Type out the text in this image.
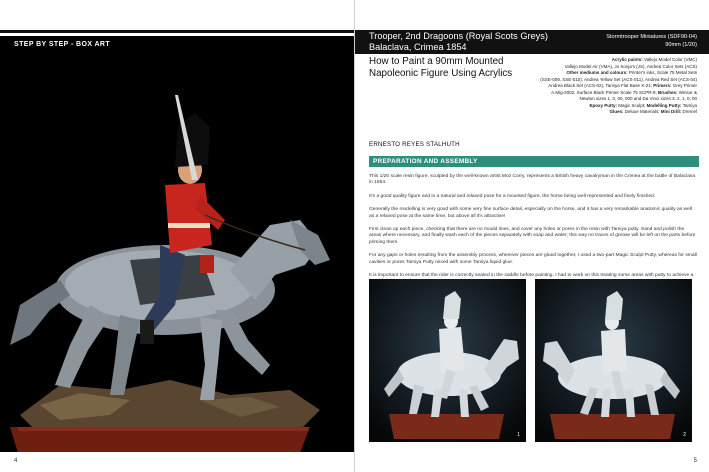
STEP BY STEP - BOX ART
4
Trooper, 2nd Dragoons (Royal Scots Greys)
Balaclava, Crimea 1854
Stormtrooper Miniatures (SDF90-04)
90mm (1/20)
How to Paint a 90mm Mounted Napoleonic Figure Using Acrylics
Acrylic paints: Vallejo Model Color (VMC)
Vallejo Model Air (VMA), Jo Sonja's (JS), Andrea Color Sets (ACS)
Other mediums and colours: Printer's inks, Scale 75 Metal Sets
(SSE-009, SSE-010), Andrea Yellow Set (ACS-011), Andrea Red Set (ACS-04)
Andrea Black Set (ACS-02), Tamiya Flat Base X-21; Primers: Grey Primer
A.Mig-2002, Surface Black Primer Scale 75 SCPR-8; Brushes: Winsor &
Newton sizes 1, 0, 00, 000 and Da Vinci sizes 3, 2, 1, 0, 00
Epoxy Putty: Magic Sculpt; Modelling Putty: Tamiya
Glues: Deluxe Materials; Mini Drill: Dremel
ERNESTO REYES STALHUTH
PREPARATION AND ASSEMBLY

This 1/20 scale resin figure, sculpted by the well-known artist Moz Corry, represents a British heavy cavalryman in the Crimea at the battle of Balaclava in 1854.

It's a good quality figure and in a natural and relaxed pose for a mounted figure, the horse being well represented and finely finished.

Generally the modelling is very good with some very fine surface detail, especially on the horse, and it has a very remarkable anatomic quality as well as a relaxed pose at the same time, but above all it's attractive!

First clean up each piece, checking that there are no mould lines, and cover any holes or pores in the resin with Tamiya putty. Sand and polish the areas where necessary, and finally wash each of the pieces separately with soap and water; this way no traces of grease will be left on the parts before priming them.

For any gaps or holes resulting from the assembly process, wherever pieces are glued together, I used a two-part Magic Sculpt Putty, whereas for small cavities or pores Tamiya Putty mixed with some Tamiya liquid glue.

It is important to ensure that the rider is correctly seated in the saddle before painting. I had to work on this treating some areas with putty to achieve a

1	2
5
